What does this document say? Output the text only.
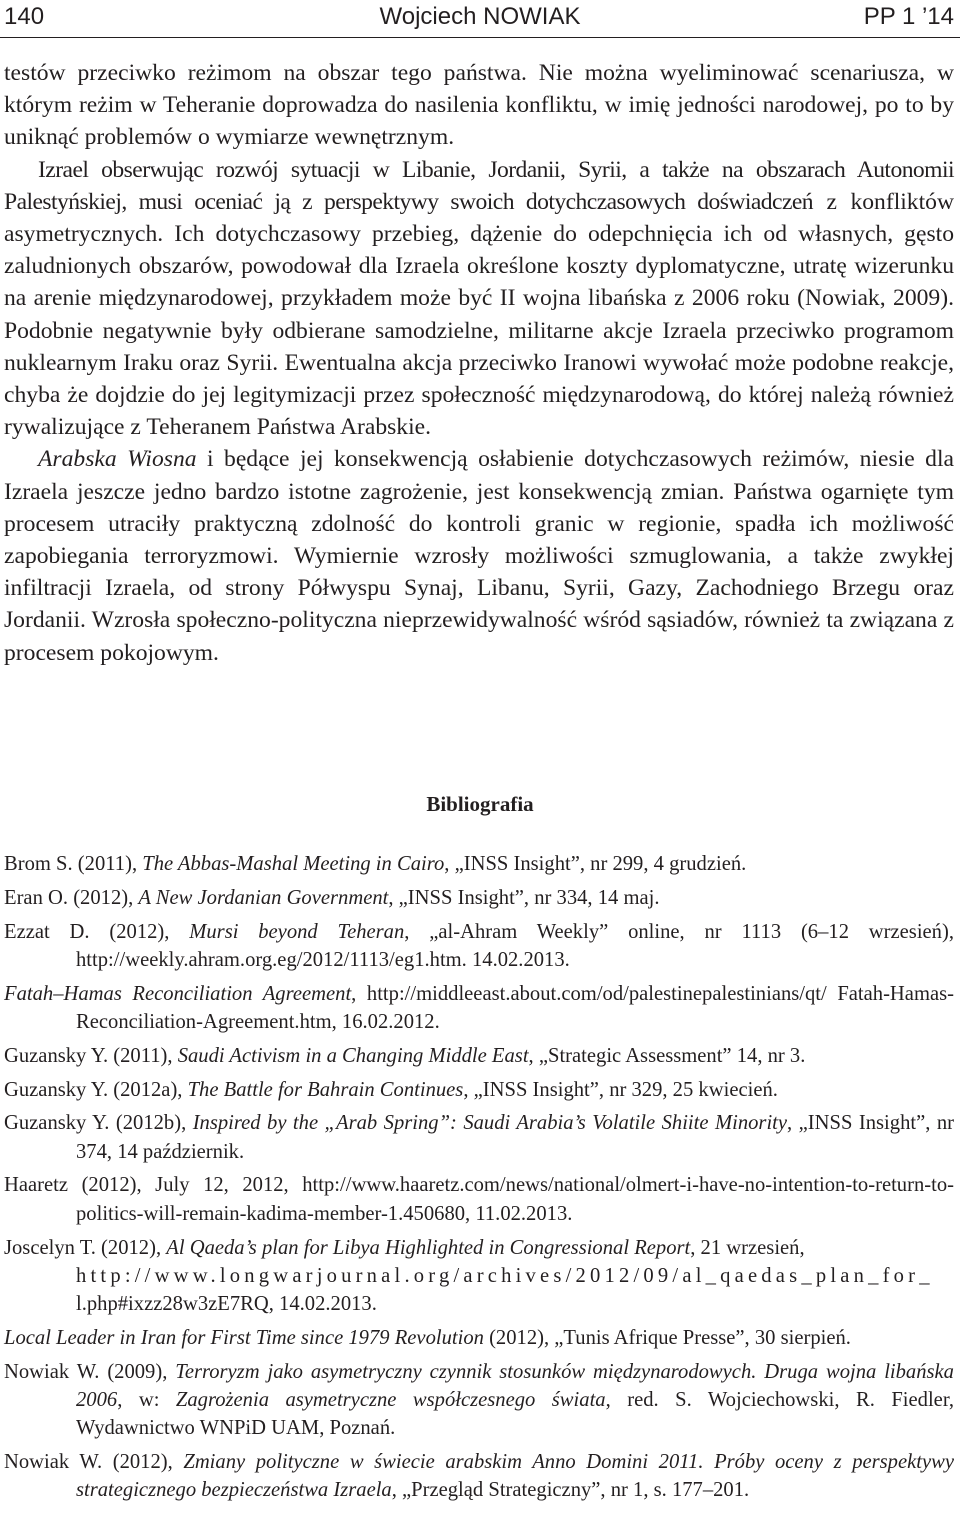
140	Wojciech NOWIAK	PP 1 ’14

testów przeciwko reżimom na obszar tego państwa. Nie można wyeliminować scenariusza, w którym reżim w Teheranie doprowadza do nasilenia konfliktu, w imię jedności narodowej, po to by uniknąć problemów o wymiarze wewnętrznym.

Izrael obserwując rozwój sytuacji w Libanie, Jordanii, Syrii, a także na obszarach Autonomii Palestyńskiej, musi oceniać ją z perspektywy swoich dotychczasowych doświadczeń z konfliktów asymetrycznych. Ich dotychczasowy przebieg, dążenie do odepchnięcia ich od własnych, gęsto zaludnionych obszarów, powodował dla Izraela określone koszty dyplomatyczne, utratę wizerunku na arenie międzynarodowej, przykładem może być II wojna libańska z 2006 roku (Nowiak, 2009). Podobnie negatywnie były odbierane samodzielne, militarne akcje Izraela przeciwko programom nuklearnym Iraku oraz Syrii. Ewentualna akcja przeciwko Iranowi wywołać może podobne reakcje, chyba że dojdzie do jej legitymizacji przez społeczność międzynarodową, do której należą również rywalizujące z Teheranem Państwa Arabskie.

Arabska Wiosna i będące jej konsekwencją osłabienie dotychczasowych reżimów, niesie dla Izraela jeszcze jedno bardzo istotne zagrożenie, jest konsekwencją zmian. Państwa ogarnięte tym procesem utraciły praktyczną zdolność do kontroli granic w regionie, spadła ich możliwość zapobiegania terroryzmowi. Wymiernie wzrosły możliwości szmuglowania, a także zwykłej infiltracji Izraela, od strony Półwyspu Synaj, Libanu, Syrii, Gazy, Zachodniego Brzegu oraz Jordanii. Wzrosła społeczno-polityczna nieprzewidywalność wśród sąsiadów, również ta związana z procesem pokojowym.

Bibliografia

Brom S. (2011), The Abbas-Mashal Meeting in Cairo, „INSS Insight”, nr 299, 4 grudzień.

Eran O. (2012), A New Jordanian Government, „INSS Insight”, nr 334, 14 maj.

Ezzat D. (2012), Mursi beyond Teheran, „al-Ahram Weekly” online, nr 1113 (6–12 wrzesień), http://weekly.ahram.org.eg/2012/1113/eg1.htm. 14.02.2013.

Fatah–Hamas Reconciliation Agreement, http://middleeast.about.com/od/palestinepalestinians/qt/ Fatah-Hamas-Reconciliation-Agreement.htm, 16.02.2012.

Guzansky Y. (2011), Saudi Activism in a Changing Middle East, „Strategic Assessment” 14, nr 3.

Guzansky Y. (2012a), The Battle for Bahrain Continues, „INSS Insight”, nr 329, 25 kwiecień.

Guzansky Y. (2012b), Inspired by the „Arab Spring”: Saudi Arabia’s Volatile Shiite Minority, „INSS Insight”, nr 374, 14 październik.

Haaretz (2012), July 12, 2012, http://www.haaretz.com/news/national/olmert-i-have-no-intention-to-return-to-politics-will-remain-kadima-member-1.450680, 11.02.2013.

Joscelyn T. (2012), Al Qaeda’s plan for Libya Highlighted in Congressional Report, 21 wrzesień,
http://www.longwarjournal.org/archives/2012/09/al_qaedas_plan_for_
l.php#ixzz28w3zE7RQ, 14.02.2013.

Local Leader in Iran for First Time since 1979 Revolution (2012), „Tunis Afrique Presse”, 30 sierpień.

Nowiak W. (2009), Terroryzm jako asymetryczny czynnik stosunków międzynarodowych. Druga wojna libańska 2006, w: Zagrożenia asymetryczne współczesnego świata, red. S. Wojciechowski, R. Fiedler, Wydawnictwo WNPiD UAM, Poznań.

Nowiak W. (2012), Zmiany polityczne w świecie arabskim Anno Domini 2011. Próby oceny z perspektywy strategicznego bezpieczeństwa Izraela, „Przegląd Strategiczny”, nr 1, s. 177–201.
